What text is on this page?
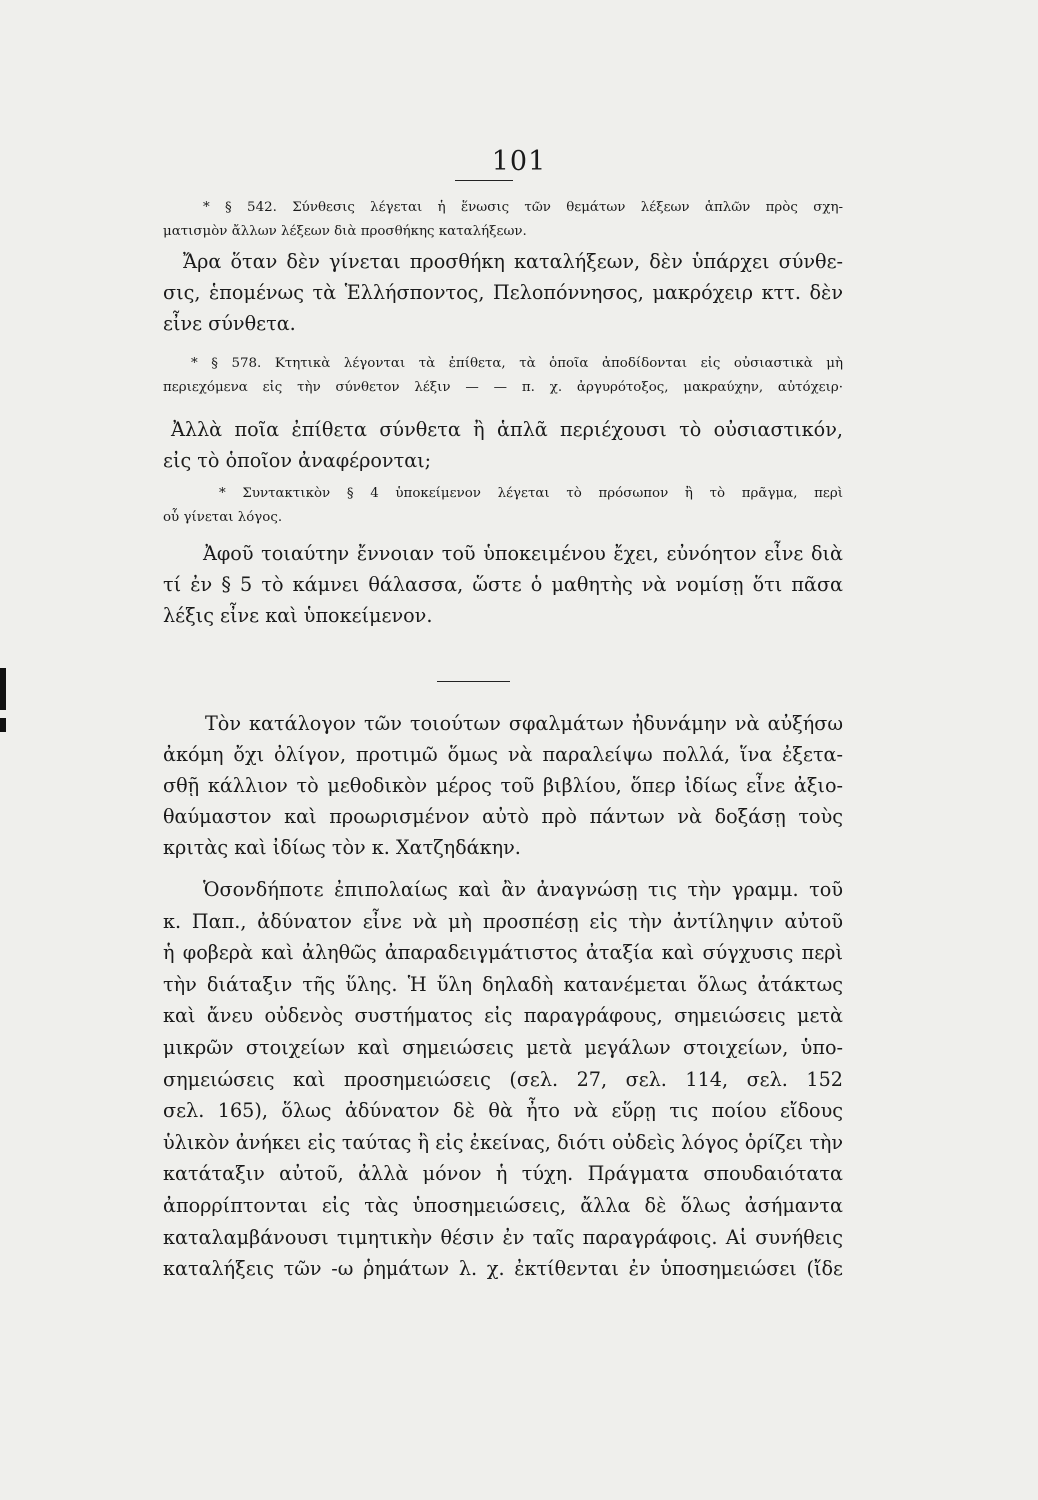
101
* § 542. Σύνθεσις λέγεται ἡ ἕνωσις τῶν θεμάτων λέξεων ἁπλῶν πρὸς σχη-
ματισμὸν ἄλλων λέξεων διὰ προσθήκης καταλήξεων.
Ἄρα ὅταν δὲν γίνεται προσθήκη καταλήξεων, δὲν ὑπάρχει σύνθε-
σις, ἑπομένως τὰ Ἑλλήσποντος, Πελοπόννησος, μακρόχειρ κττ. δὲν
εἶνε σύνθετα.
* § 578. Κτητικὰ λέγονται τὰ ἐπίθετα, τὰ ὁποῖα ἀποδίδονται εἰς οὐσιαστικὰ μὴ
περιεχόμενα εἰς τὴν σύνθετον λέξιν — — π. χ. ἀργυρότοξος, μακραύχην, αὐτόχειρ·
Ἀλλὰ ποῖα ἐπίθετα σύνθετα ἢ ἁπλᾶ περιέχουσι τὸ οὐσιαστικόν,
εἰς τὸ ὁποῖον ἀναφέρονται;
* Συντακτικὸν § 4 ὑποκείμενον λέγεται τὸ πρόσωπον ἢ τὸ πρᾶγμα, περὶ
οὗ γίνεται λόγος.
Ἀφοῦ τοιαύτην ἔννοιαν τοῦ ὑποκειμένου ἔχει, εὐνόητον εἶνε διὰ
τί ἐν § 5 τὸ κάμνει θάλασσα, ὥστε ὁ μαθητὴς νὰ νομίσῃ ὅτι πᾶσα
λέξις εἶνε καὶ ὑποκείμενον.
Τὸν κατάλογον τῶν τοιούτων σφαλμάτων ἠδυνάμην νὰ αὐξήσω
ἀκόμη ὄχι ὀλίγον, προτιμῶ ὅμως νὰ παραλείψω πολλά, ἵνα ἐξετα-
σθῇ κάλλιον τὸ μεθοδικὸν μέρος τοῦ βιβλίου, ὅπερ ἰδίως εἶνε ἀξιο-
θαύμαστον καὶ προωρισμένον αὐτὸ πρὸ πάντων νὰ δοξάσῃ τοὺς
κριτὰς καὶ ἰδίως τὸν κ. Χατζηδάκην.
Ὁσονδήποτε ἐπιπολαίως καὶ ἂν ἀναγνώσῃ τις τὴν γραμμ. τοῦ
κ. Παπ., ἀδύνατον εἶνε νὰ μὴ προσπέσῃ εἰς τὴν ἀντίληψιν αὐτοῦ
ἡ φοβερὰ καὶ ἀληθῶς ἀπαραδειγμάτιστος ἀταξία καὶ σύγχυσις περὶ
τὴν διάταξιν τῆς ὕλης. Ἡ ὕλη δηλαδὴ κατανέμεται ὅλως ἀτάκτως
καὶ ἄνευ οὐδενὸς συστήματος εἰς παραγράφους, σημειώσεις μετὰ
μικρῶν στοιχείων καὶ σημειώσεις μετὰ μεγάλων στοιχείων, ὑπο-
σημειώσεις καὶ προσημειώσεις (σελ. 27, σελ. 114, σελ. 152
σελ. 165), ὅλως ἀδύνατον δὲ θὰ ἦτο νὰ εὕρῃ τις ποίου εἴδους
ὑλικὸν ἀνήκει εἰς ταύτας ἢ εἰς ἐκείνας, διότι οὐδεὶς λόγος ὁρίζει τὴν
κατάταξιν αὐτοῦ, ἀλλὰ μόνον ἡ τύχη. Πράγματα σπουδαιότατα
ἀπορρίπτονται εἰς τὰς ὑποσημειώσεις, ἄλλα δὲ ὅλως ἀσήμαντα
καταλαμβάνουσι τιμητικὴν θέσιν ἐν ταῖς παραγράφοις. Αἱ συνήθεις
καταλήξεις τῶν -ω ῥημάτων λ. χ. ἐκτίθενται ἐν ὑποσημειώσει (ἴδε
